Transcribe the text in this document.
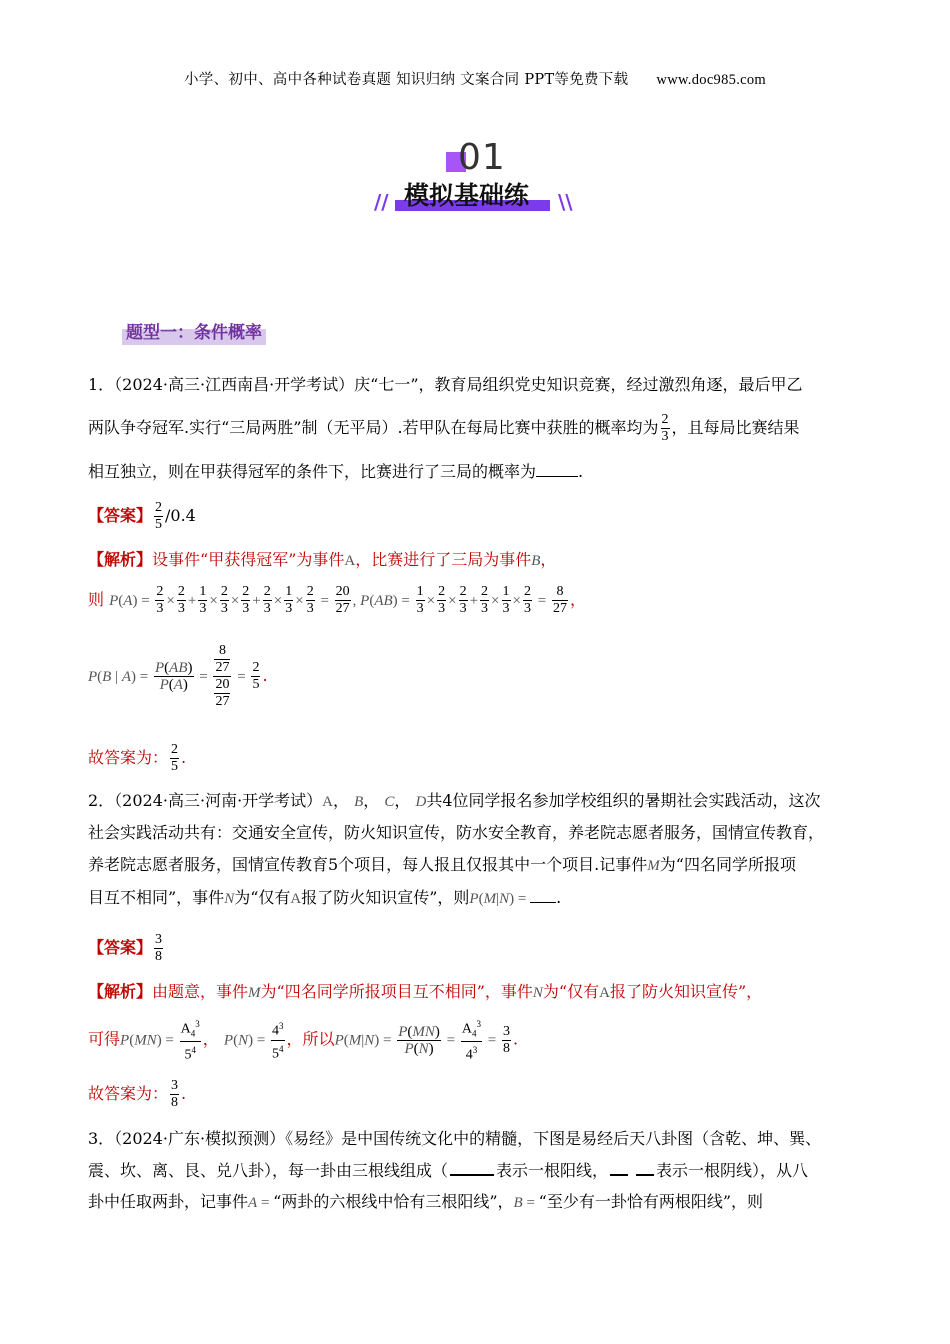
小学、初中、高中各种试卷真题 知识归纳 文案合同 PPT等免费下载 www.doc985.com
01
模拟基础练
//	\\
题型一：条件概率
1．（2024·高三·江西南昌·开学考试）庆“七一”，教育局组织党史知识竞赛，经过激烈角逐，最后甲乙
两队争夺冠军.实行“三局两胜”制（无平局）.若甲队在每局比赛中获胜的概率均为 $\frac{2}{3}$ ，且每局比赛结果
相互独立，则在甲获得冠军的条件下，比赛进行了三局的概率为	.
【答案】 $\frac{2}{5} /0.4$
【解析】设事件“甲获得冠军”为事件A，比赛进行了三局为事件B，
则 $P(A) = \frac{2}{3} \times \frac{2}{3} + \frac{1}{3} \times \frac{2}{3} \times \frac{2}{3} + \frac{2}{3} \times \frac{1}{3} \times \frac{2}{3} = \frac{20}{27}$ , $P(AB) = \frac{1}{3} \times \frac{2}{3} \times \frac{2}{3} + \frac{2}{3} \times \frac{1}{3} \times \frac{2}{3} = \frac{8}{27}$ ，
P(B | $A) = \frac{P(AB)}{P(A)} = \frac{\frac{8}{27}}{\frac{20}{27}} = \frac{2}{5}$ .
故答案为： $\frac{2}{5}$ .
2．（2024·高三·河南·开学考试）A， B， C， D共4位同学报名参加学校组织的暑期社会实践活动，这次
社会实践活动共有：交通安全宣传，防火知识宣传，防水安全教育，养老院志愿者服务，国情宣传教育，
养老院志愿者服务，国情宣传教育5个项目，每人报且仅报其中一个项目.记事件M为“四名同学所报项
目互不相同”，事件N为“仅有A报了防火知识宣传”，则P(M|N) = .
【答案】 $\frac{3}{8}$
【解析】由题意，事件M为“四名同学所报项目互不相同”，事件N为“仅有A报了防火知识宣传”，
可得$P(MN) = \frac{A_4^3}{5^4}$ ， $P(N) = \frac{4^3}{5^4}$ ，所以$P(M|N) = \frac{P(MN)}{P(N)} = \frac{A_4^3}{4^3} = \frac{3}{8}$ .
故答案为： $\frac{3}{8}$ .
3．（2024·广东·模拟预测）《易经》是中国传统文化中的精髓，下图是易经后天八卦图（含乾、坤、巽、
震、坎、离、艮、兑八卦），每一卦由三根线组成（	表示一根阳线，	表示一根阴线），从八
卦中任取两卦，记事件A = “两卦的六根线中恰有三根阳线”，B = “至少有一卦恰有两根阳线”，则
